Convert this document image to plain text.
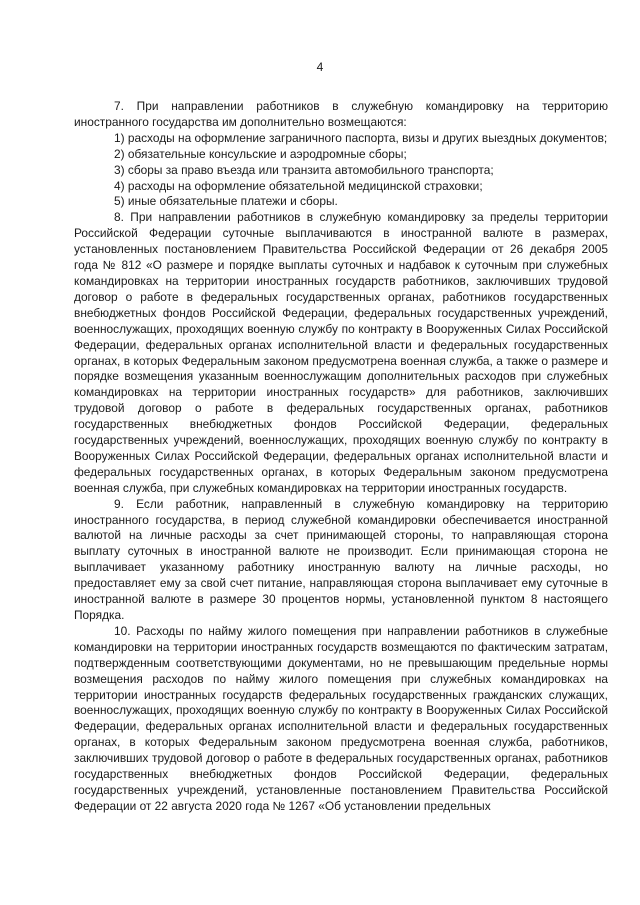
4

7. При направлении работников в служебную командировку на территорию иностранного государства им дополнительно возмещаются:

1) расходы на оформление заграничного паспорта, визы и других выездных документов;

2) обязательные консульские и аэродромные сборы;

3) сборы за право въезда или транзита автомобильного транспорта;

4) расходы на оформление обязательной медицинской страховки;

5) иные обязательные платежи и сборы.

8. При направлении работников в служебную командировку за пределы территории Российской Федерации суточные выплачиваются в иностранной валюте в размерах, установленных постановлением Правительства Российской Федерации от 26 декабря 2005 года № 812 «О размере и порядке выплаты суточных и надбавок к суточным при служебных командировках на территории иностранных государств работников, заключивших трудовой договор о работе в федеральных государственных органах, работников государственных внебюджетных фондов Российской Федерации, федеральных государственных учреждений, военнослужащих, проходящих военную службу по контракту в Вооруженных Силах Российской Федерации, федеральных органах исполнительной власти и федеральных государственных органах, в которых Федеральным законом предусмотрена военная служба, а также о размере и порядке возмещения указанным военнослужащим дополнительных расходов при служебных командировках на территории иностранных государств» для работников, заключивших трудовой договор о работе в федеральных государственных органах, работников государственных внебюджетных фондов Российской Федерации, федеральных государственных учреждений, военнослужащих, проходящих военную службу по контракту в Вооруженных Силах Российской Федерации, федеральных органах исполнительной власти и федеральных государственных органах, в которых Федеральным законом предусмотрена военная служба, при служебных командировках на территории иностранных государств.

9. Если работник, направленный в служебную командировку на территорию иностранного государства, в период служебной командировки обеспечивается иностранной валютой на личные расходы за счет принимающей стороны, то направляющая сторона выплату суточных в иностранной валюте не производит. Если принимающая сторона не выплачивает указанному работнику иностранную валюту на личные расходы, но предоставляет ему за свой счет питание, направляющая сторона выплачивает ему суточные в иностранной валюте в размере 30 процентов нормы, установленной пунктом 8 настоящего Порядка.

10. Расходы по найму жилого помещения при направлении работников в служебные командировки на территории иностранных государств возмещаются по фактическим затратам, подтвержденным соответствующими документами, но не превышающим предельные нормы возмещения расходов по найму жилого помещения при служебных командировках на территории иностранных государств федеральных государственных гражданских служащих, военнослужащих, проходящих военную службу по контракту в Вооруженных Силах Российской Федерации, федеральных органах исполнительной власти и федеральных государственных органах, в которых Федеральным законом предусмотрена военная служба, работников, заключивших трудовой договор о работе в федеральных государственных органах, работников государственных внебюджетных фондов Российской Федерации, федеральных государственных учреждений, установленные постановлением Правительства Российской Федерации от 22 августа 2020 года № 1267 «Об установлении предельных
